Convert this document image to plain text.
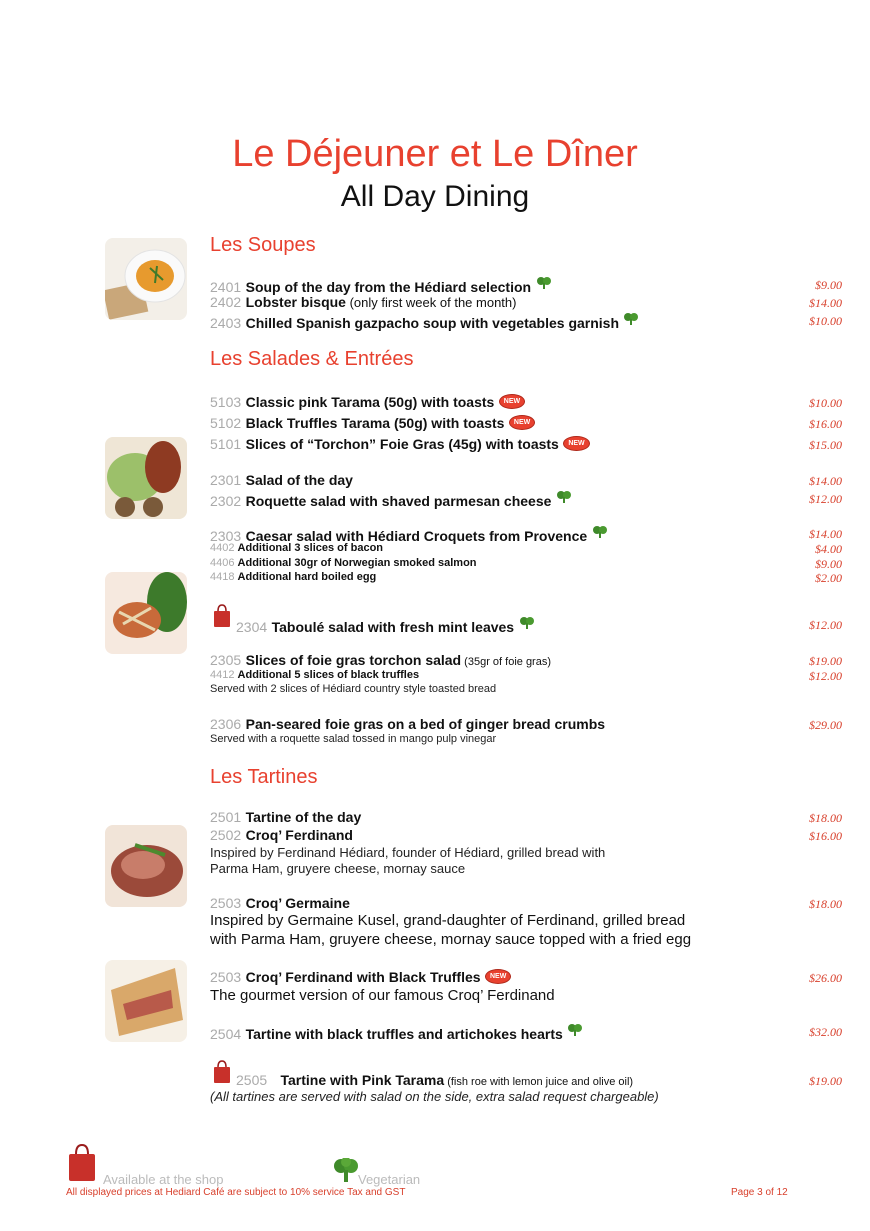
Le Déjeuner et Le Dîner
All Day Dining
Les Soupes
2401 Soup of the day from the Hédiard selection	$9.00
2402 Lobster bisque (only first week of the month)	$14.00
2403 Chilled Spanish gazpacho soup with vegetables garnish	$10.00
Les Salades & Entrées
5103 Classic pink Tarama (50g) with toasts NEW	$10.00
5102 Black Truffles Tarama (50g) with toasts NEW	$16.00
5101 Slices of “Torchon” Foie Gras (45g) with toasts NEW	$15.00
2301 Salad of the day	$14.00
2302 Roquette salad with shaved parmesan cheese	$12.00
2303 Caesar salad with Hédiard Croquets from Provence	$14.00
4402 Additional 3 slices of bacon	$4.00
4406 Additional 30gr of Norwegian smoked salmon	$9.00
4418 Additional hard boiled egg	$2.00
2304 Taboulé salad with fresh mint leaves	$12.00
2305 Slices of foie gras torchon salad (35gr of foie gras)	$19.00
4412 Additional 5 slices of black truffles	$12.00
Served with 2 slices of Hédiard country style toasted bread
2306 Pan-seared foie gras on a bed of ginger bread crumbs	$29.00
Served with a roquette salad tossed in mango pulp vinegar
Les Tartines
2501 Tartine of the day	$18.00
2502 Croq’ Ferdinand	$16.00
Inspired by Ferdinand Hédiard, founder of Hédiard, grilled bread with
Parma Ham, gruyere cheese, mornay sauce
2503 Croq’ Germaine	$18.00
Inspired by Germaine Kusel, grand-daughter of Ferdinand, grilled bread
with Parma Ham, gruyere cheese, mornay sauce topped with a fried egg
2503 Croq’ Ferdinand with Black Truffles NEW	$26.00
The gourmet version of our famous Croq’ Ferdinand
2504 Tartine with black truffles and artichokes hearts	$32.00
2505 Tartine with Pink Tarama (fish roe with lemon juice and olive oil)	$19.00
(All tartines are served with salad on the side, extra salad request chargeable)
Available at the shop	Vegetarian
All displayed prices at Hediard Café are subject to 10% service Tax and GST	Page 3 of 12
